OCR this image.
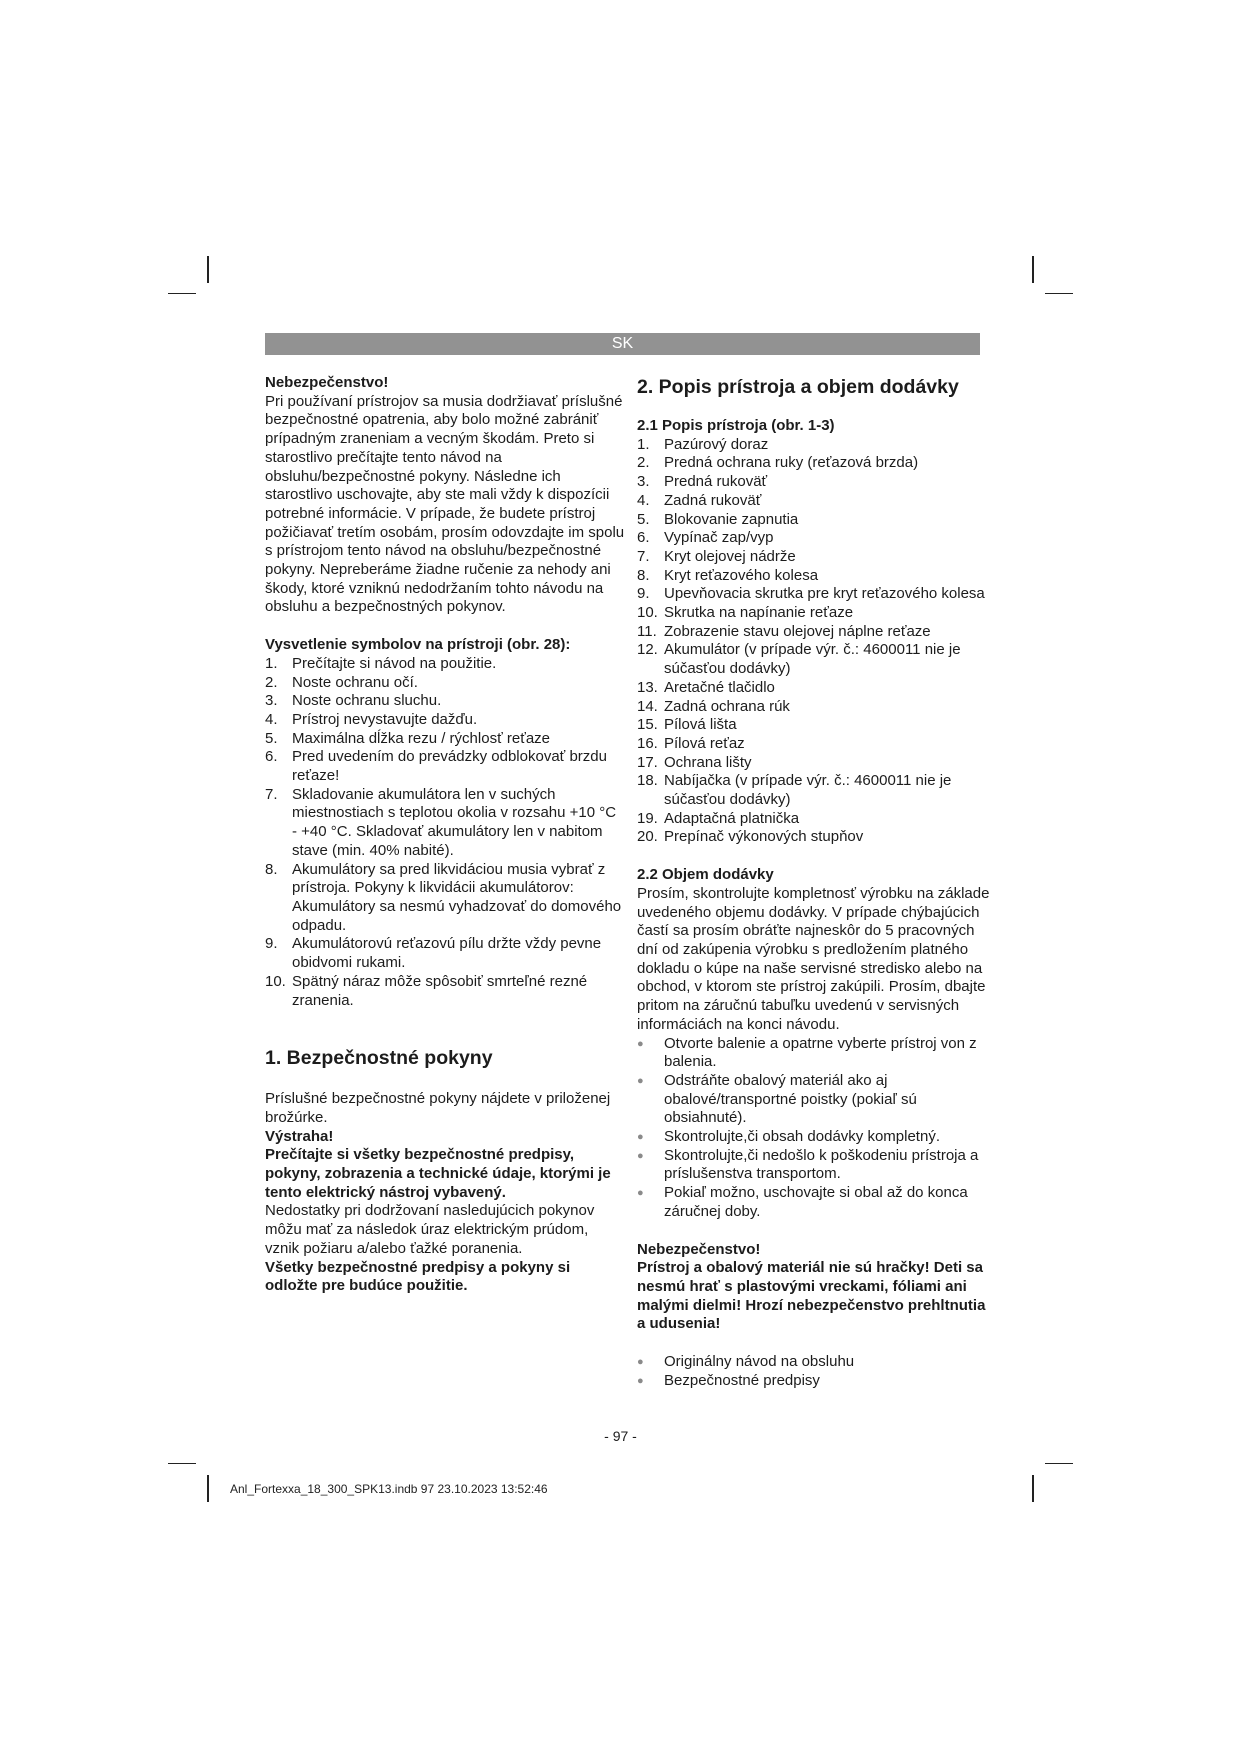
SK

Nebezpečenstvo!

Pri používaní prístrojov sa musia dodržiavať príslušné bezpečnostné opatrenia, aby bolo možné zabrániť prípadným zraneniam a vecným škodám. Preto si starostlivo prečítajte tento návod na obsluhu/bezpečnostné pokyny. Následne ich starostlivo uschovajte, aby ste mali vždy k dispozícii potrebné informácie. V prípade, že budete prístroj požičiavať tretím osobám, prosím odovzdajte im spolu s prístrojom tento návod na obsluhu/bezpečnostné pokyny. Nepreberáme žiadne ručenie za nehody ani škody, ktoré vzniknú nedodržaním tohto návodu na obsluhu a bezpečnostných pokynov.

Vysvetlenie symbolov na prístroji (obr. 28):

1. Prečítajte si návod na použitie.
2. Noste ochranu očí.
3. Noste ochranu sluchu.
4. Prístroj nevystavujte dažďu.
5. Maximálna dĺžka rezu / rýchlosť reťaze
6. Pred uvedením do prevádzky odblokovať brzdu reťaze!
7. Skladovanie akumulátora len v suchých miestnostiach s teplotou okolia v rozsahu +10 °C - +40 °C. Skladovať akumulátory len v nabitom stave (min. 40% nabité).
8. Akumulátory sa pred likvidáciou musia vybrať z prístroja. Pokyny k likvidácii akumulátorov: Akumulátory sa nesmú vyhadzovať do domového odpadu.
9. Akumulátorovú reťazovú pílu držte vždy pevne obidvomi rukami.
10. Spätný náraz môže spôsobiť smrteľné rezné zranenia.

1. Bezpečnostné pokyny

Príslušné bezpečnostné pokyny nájdete v priloženej brožúrke.

Výstraha!

Prečítajte si všetky bezpečnostné predpisy, pokyny, zobrazenia a technické údaje, ktorými je tento elektrický nástroj vybavený.

Nedostatky pri dodržovaní nasledujúcich pokynov môžu mať za následok úraz elektrickým prúdom, vznik požiaru a/alebo ťažké poranenia.

Všetky bezpečnostné predpisy a pokyny si odložte pre budúce použitie.

2. Popis prístroja a objem dodávky

2.1 Popis prístroja (obr. 1-3)

1. Pazúrový doraz
2. Predná ochrana ruky (reťazová brzda)
3. Predná rukoväť
4. Zadná rukoväť
5. Blokovanie zapnutia
6. Vypínač zap/vyp
7. Kryt olejovej nádrže
8. Kryt reťazového kolesa
9. Upevňovacia skrutka pre kryt reťazového kolesa
10. Skrutka na napínanie reťaze
11. Zobrazenie stavu olejovej náplne reťaze
12. Akumulátor (v prípade výr. č.: 4600011 nie je súčasťou dodávky)
13. Aretačné tlačidlo
14. Zadná ochrana rúk
15. Pílová lišta
16. Pílová reťaz
17. Ochrana lišty
18. Nabíjačka (v prípade výr. č.: 4600011 nie je súčasťou dodávky)
19. Adaptačná platnička
20. Prepínač výkonových stupňov

2.2 Objem dodávky

Prosím, skontrolujte kompletnosť výrobku na základe uvedeného objemu dodávky. V prípade chýbajúcich častí sa prosím obráťte najneskôr do 5 pracovných dní od zakúpenia výrobku s predložením platného dokladu o kúpe na naše servisné stredisko alebo na obchod, v ktorom ste prístroj zakúpili. Prosím, dbajte pritom na záručnú tabuľku uvedenú v servisných informáciách na konci návodu.

● Otvorte balenie a opatrne vyberte prístroj von z balenia.
● Odstráňte obalový materiál ako aj obalové/transportné poistky (pokiaľ sú obsiahnuté).
● Skontrolujte,či obsah dodávky kompletný.
● Skontrolujte,či nedošlo k poškodeniu prístroja a príslušenstva transportom.
● Pokiaľ možno, uschovajte si obal až do konca záručnej doby.

Nebezpečenstvo!

Prístroj a obalový materiál nie sú hračky! Deti sa nesmú hrať s plastovými vreckami, fóliami ani malými dielmi! Hrozí nebezpečenstvo prehltnutia a udusenia!

● Originálny návod na obsluhu
● Bezpečnostné predpisy
- 97 -
Anl_Fortexxa_18_300_SPK13.indb 97 23.10.2023 13:52:46
